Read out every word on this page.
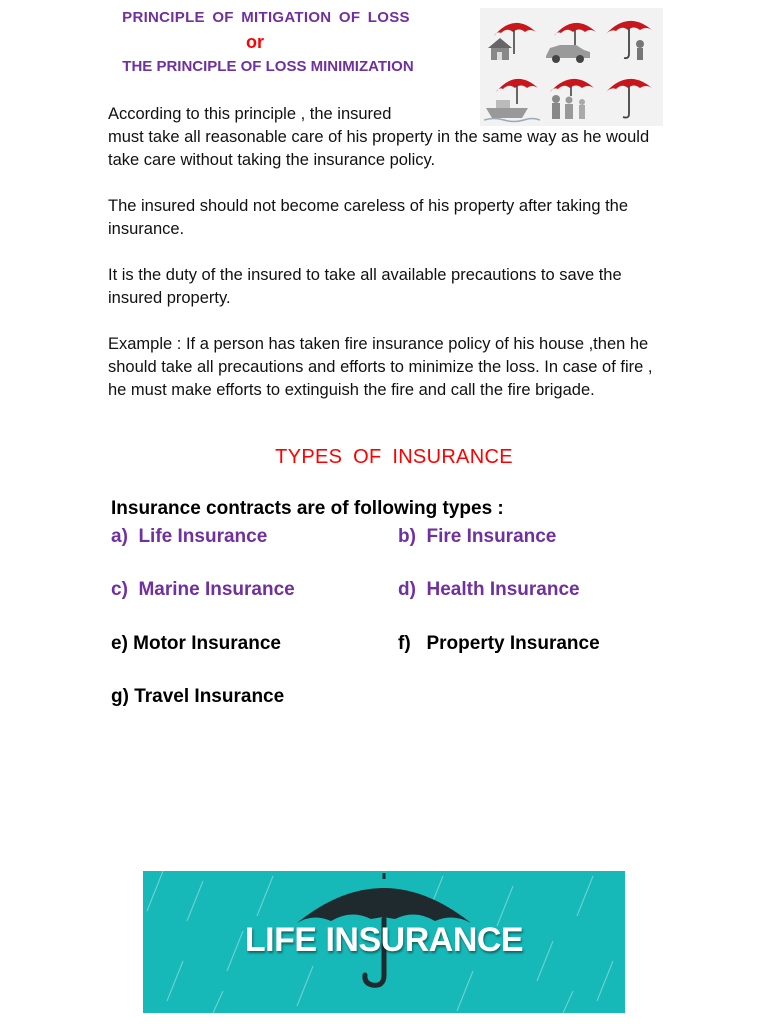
PRINCIPLE OF MITIGATION OF LOSS
or
THE PRINCIPLE OF LOSS MINIMIZATION
According to this principle , the insured
must take all reasonable care of his property in the same way as he would take care without taking the insurance policy.
The insured should not become careless of his property after taking the insurance.
It is the duty of the insured to take all available precautions to save the insured property.
Example : If a person has taken fire insurance policy of his house ,then he should take all precautions and efforts to minimize the loss. In case of fire , he must make efforts to extinguish the fire and call the fire brigade.
TYPES OF INSURANCE
Insurance contracts are of following types :
a)  Life Insurance	b)  Fire Insurance
c)  Marine Insurance	d)  Health Insurance
e) Motor Insurance	f)   Property Insurance
g) Travel Insurance
LIFE INSURANCE
